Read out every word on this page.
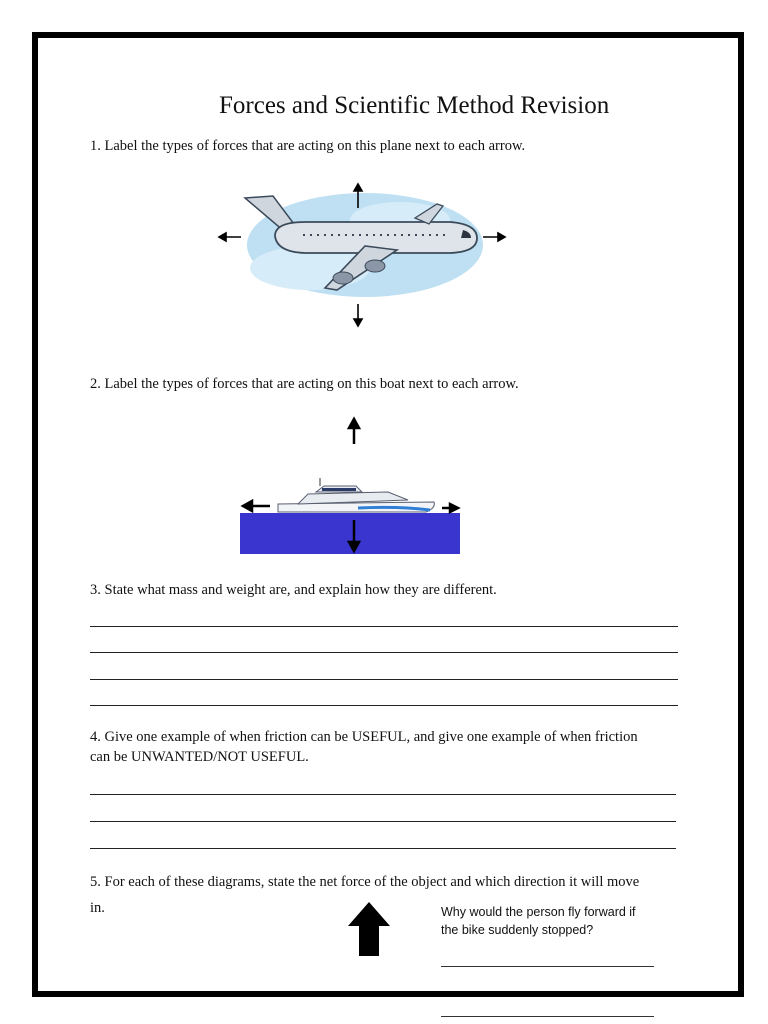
Forces and Scientific Method Revision
1. Label the types of forces that are acting on this plane next to each arrow.
2. Label the types of forces that are acting on this boat next to each arrow.
3. State what mass and weight are, and explain how they are different.
4. Give one example of when friction can be USEFUL, and give one example of when friction
can be UNWANTED/NOT USEFUL.
5. For each of these diagrams, state the net force of the object and which direction it will move
in.	Why would the person fly forward if
the bike suddenly stopped?
